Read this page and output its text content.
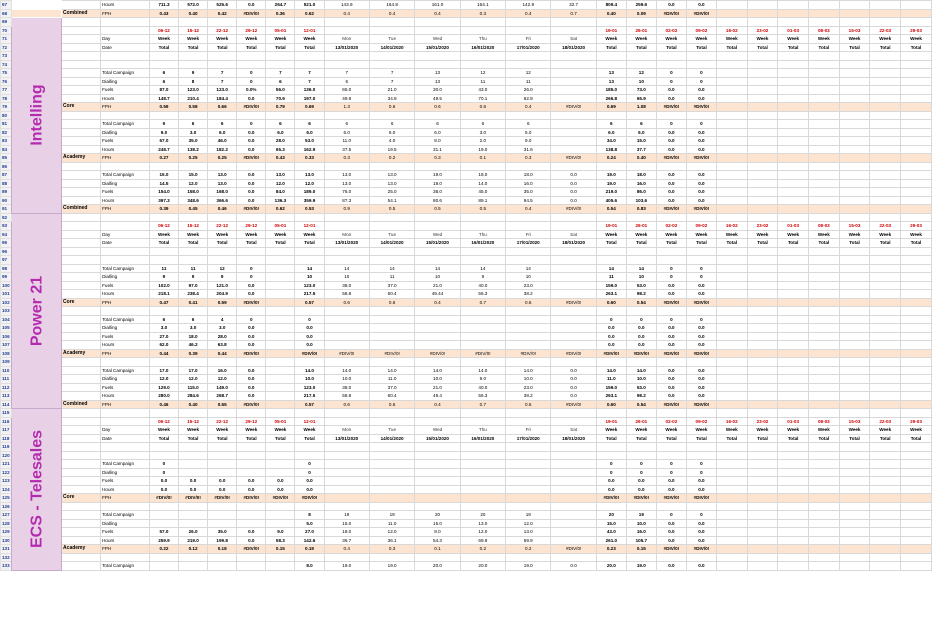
67			Hours	711.3	572.0	525.6	0.0	264.7	521.0	143.9	164.8	161.0	164.1	142.9	32.7	809.4	259.6	0.0	0.0							
68		Combined	FPH	0.43	0.40	0.42	#DIV/0!	0.36	0.62	0.4	0.4	0.4	0.3	0.4	0.7	0.40	0.09	#DIV/0!	#DIV/0!							
69	Intelling																									

70				06-12	15-12	22-12	29-12	05-01	12-01							19-01	26-01	02-02	09-02	16-02	23-02	01-03	08-03	15-03	22-03	29-03
71			Day	Week	Week	Week	Week	Week	Week	Mon	Tue	Wed	Thu	Fri	Sat	Week	Week	Week	Week	Week	Week	Week	Week	Week	Week	Week
72			Date	Total	Total	Total	Total	Total	Total	13/01/2020	14/01/2020	15/01/2020	16/01/2020	17/01/2020	18/01/2020	Total	Total	Total	Total	Total	Total	Total	Total	Total	Total	Total
73																										
74																										
75			Total Campaign	6	9	7	0	7	7	7	7	13	12	12		13	12	0	0							
76			Dialling	6	8	7	0	6	7	6	7	13	11	11		13	10	0	0							
77			Fuels	87.0	123.0	123.0	0.0%	56.0	136.0	65.0	21.0	30.0	43.0	26.0		185.0	73.0	0.0	0.0							
78			Hours	148.7	210.4	184.4	0.0	70.9	197.0	49.8	34.9	49.5	70.1	62.9		266.8	65.9	0.0	0.0							
79		Core	FPH	0.59	0.58	0.66	#DIV/0!	0.79	0.69	1.3	0.6	0.6	0.6	0.4	#DIV/0!	0.69	1.08	#DIV/0!	#DIV/0!							
80																										
81			Total Campaign	9	6	6	0	6	6	6	6	6	6	6		6	6	0	0							
82			Dialling	9.0	3.0	6.0	0.0	6.0	6.0	6.0	6.0	6.0	3.0	5.0		6.0	6.0	0.0	0.0							
83			Fuels	67.0	35.0	46.0	0.0	28.0	53.0	11.0	4.0	8.0	2.0	9.0		34.0	15.0	0.0	0.0							
84			Hours	248.7	138.2	182.2	0.0	65.3	162.9	37.5	19.5	31.1	19.0	31.6		138.8	37.7	0.0	0.0							
85		Academy	FPH	0.27	0.25	0.25	#DIV/0!	0.43	0.33	0.3	0.2	0.3	0.1	0.3	#DIV/0!	0.24	0.40	#DIV/0!	#DIV/0!							
86																										
87			Total Campaign	15.0	15.0	13.0	0.0	13.0	13.0	13.0	13.0	19.0	18.0	18.0	0.0	19.0	18.0	0.0	0.0							
88			Dialling	14.5	12.0	13.0	0.0	12.0	12.0	13.0	13.0	19.0	14.0	16.0	0.0	19.0	16.0	0.0	0.0							
89			Fuels	154.0	158.0	168.0	0.0	84.0	189.0	76.0	25.0	38.0	45.0	35.0	0.0	219.0	86.0	0.0	0.0							
90			Hours	397.3	348.6	366.6	0.0	136.3	359.9	87.3	54.1	80.6	89.1	94.5	0.0	405.6	103.6	0.0	0.0							
91		Combined	FPH	0.39	0.45	0.46	#DIV/0!	0.62	0.53	0.9	0.5	0.5	0.5	0.4	#DIV/0!	0.54	0.83	#DIV/0!	#DIV/0!							
92	Power 21																									

93				06-12	15-12	22-12	29-12	05-01	12-01							19-01	26-01	02-02	09-02	16-02	23-02	01-03	08-03	15-03	22-03	29-03
94			Day	Week	Week	Week	Week	Week	Week	Mon	Tue	Wed	Thu	Fri	Sat	Week	Week	Week	Week	Week	Week	Week	Week	Week	Week	Week
95			Date	Total	Total	Total	Total	Total	Total	13/01/2020	14/01/2020	15/01/2020	16/01/2020	17/01/2020	18/01/2020	Total	Total	Total	Total	Total	Total	Total	Total	Total	Total	Total
96																										
97																										
98			Total Campaign	11	11	12	0		14	14	14	14	14	14		14	14	0	0							
99			Dialling	9	9	9	0		10	10	11	10	9	10		11	10	0	0							
100			Fuels	102.0	97.0	121.0	0.0		123.0	38.0	37.0	21.0	40.0	23.0		159.0	53.0	0.0	0.0							
101			Hours	218.1	238.4	204.9	0.0		217.5	58.8	60.4	49.44	56.3	38.2		263.1	98.2	0.0	0.0							
102		Core	FPH	0.47	0.41	0.59	#DIV/0!		0.57	0.6	0.6	0.4	0.7	0.6	#DIV/0!	0.60	0.54	#DIV/0!	#DIV/0!							
103																										
104			Total Campaign	6	6	4	0		0							0	0	0	0							
105			Dialling	3.0	3.0	3.0	0.0		0.0							0.0	0.0	0.0	0.0							
106			Fuels	27.0	18.0	28.0	0.0		0.0							0.0	0.0	0.0	0.0							
107			Hours	62.0	46.2	63.8	0.0		0.0							0.0	0.0	0.0	0.0							
108		Academy	FPH	0.44	0.39	0.44	#DIV/0!		#DIV/0!	#DIV/0!	#DIV/0!	#DIV/0!	#DIV/0!	#DIV/0!	#DIV/0!	#DIV/0!	#DIV/0!	#DIV/0!	#DIV/0!							
109																										
110			Total Campaign	17.0	17.0	16.0	0.0		14.0	14.0	14.0	14.0	14.0	14.0	0.0	14.0	14.0	0.0	0.0							
111			Dialling	12.0	12.0	12.0	0.0		10.0	10.0	11.0	10.0	9.0	10.0	0.0	11.0	10.0	0.0	0.0							
112			Fuels	129.0	115.0	149.0	0.0		123.0	38.0	37.0	21.0	40.0	23.0	0.0	159.0	53.0	0.0	0.0							
113			Hours	280.0	284.6	268.7	0.0		217.5	58.8	60.4	49.4	56.3	38.2	0.0	263.1	98.2	0.0	0.0							
114		Combined	FPH	0.46	0.40	0.55	#DIV/0!		0.57	0.6	0.6	0.4	0.7	0.6	#DIV/0!	0.60	0.54	#DIV/0!	#DIV/0!							
115	ECS - Telesales																									

116				06-12	15-12	22-12	29-12	05-01	12-01							19-01	26-01	02-02	09-02	16-02	23-02	01-03	08-03	15-03	22-03	29-03
117			Day	Week	Week	Week	Week	Week	Week	Mon	Tue	Wed	Thu	Fri	Sat	Week	Week	Week	Week	Week	Week	Week	Week	Week	Week	Week
118			Date	Total	Total	Total	Total	Total	Total	13/01/2020	14/01/2020	15/01/2020	16/01/2020	17/01/2020	18/01/2020	Total	Total	Total	Total	Total	Total	Total	Total	Total	Total	Total
119																										
120																										
121			Total Campaign	0					0							0	0	0	0							
122			Dialling	0					0							0	0	0	0							
123			Fuels	0.0	0.0	0.0	0.0	0.0	0.0							0.0	0.0	0.0	0.0							
124			Hours	0.0	0.0	0.0	0.0	0.0	0.0							0.0	0.0	0.0	0.0							
125		Core	FPH	#DIV/0!	#DIV/0!	#DIV/0!	#DIV/0!	#DIV/0!	#DIV/0!							#DIV/0!	#DIV/0!	#DIV/0!	#DIV/0!							
126																										
127			Total Campaign						8	19	19	20	20	19		20	19	0	0							
128			Dialling						5.0	15.0	11.0	15.0	13.0	12.0		15.0	10.0	0.0	0.0							
129			Fuels	57.0	26.0	35.0	0.0	9.0	27.0	18.0	12.0	8.0	12.0	13.0		43.0	16.0	0.0	0.0							
130			Hours	259.9	219.0	199.8	0.0	58.3	142.6	36.7	36.1	54.3	69.9	59.9		261.0	105.7	0.0	0.0							
131		Academy	FPH	0.22	0.12	0.18	#DIV/0!	0.15	0.19	0.4	0.3	0.1	0.2	0.2	#DIV/0!	0.23	0.15	#DIV/0!	#DIV/0!							
132																										
133			Total Campaign						8.0	19.0	19.0	20.0	20.0	19.0	0.0	20.0	19.0	0.0	0.0							
